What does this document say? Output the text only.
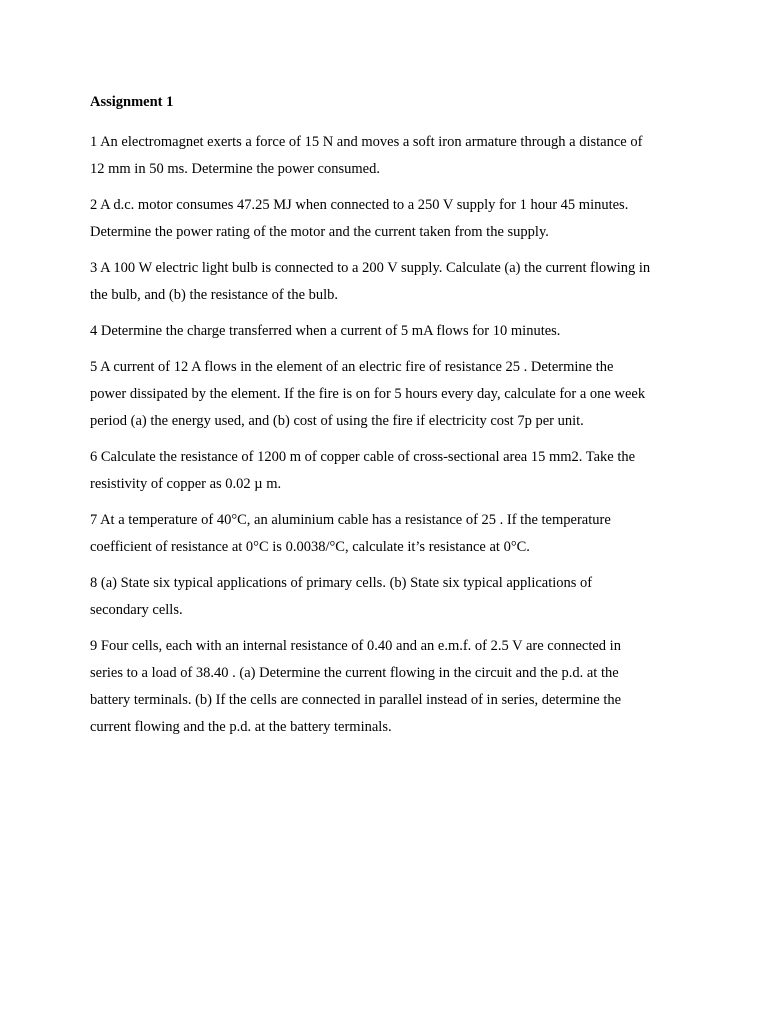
Assignment 1
1 An electromagnet exerts a force of 15 N and moves a soft iron armature through a distance of
12 mm in 50 ms. Determine the power consumed.
2 A d.c. motor consumes 47.25 MJ when connected to a 250 V supply for 1 hour 45 minutes.
Determine the power rating of the motor and the current taken from the supply.
3 A 100 W electric light bulb is connected to a 200 V supply. Calculate (a) the current flowing in
the bulb, and (b) the resistance of the bulb.
4 Determine the charge transferred when a current of 5 mA flows for 10 minutes.
5 A current of 12 A flows in the element of an electric fire of resistance 25 . Determine the
power dissipated by the element. If the fire is on for 5 hours every day, calculate for a one week
period (a) the energy used, and (b) cost of using the fire if electricity cost 7p per unit.
6 Calculate the resistance of 1200 m of copper cable of cross-sectional area 15 mm2. Take the
resistivity of copper as 0.02 µ m.
7 At a temperature of 40°C, an aluminium cable has a resistance of 25 . If the temperature
coefficient of resistance at 0°C is 0.0038/°C, calculate it’s resistance at 0°C.
8 (a) State six typical applications of primary cells. (b) State six typical applications of
secondary cells.
9 Four cells, each with an internal resistance of 0.40 and an e.m.f. of 2.5 V are connected in
series to a load of 38.40 . (a) Determine the current flowing in the circuit and the p.d. at the
battery terminals. (b) If the cells are connected in parallel instead of in series, determine the
current flowing and the p.d. at the battery terminals.
